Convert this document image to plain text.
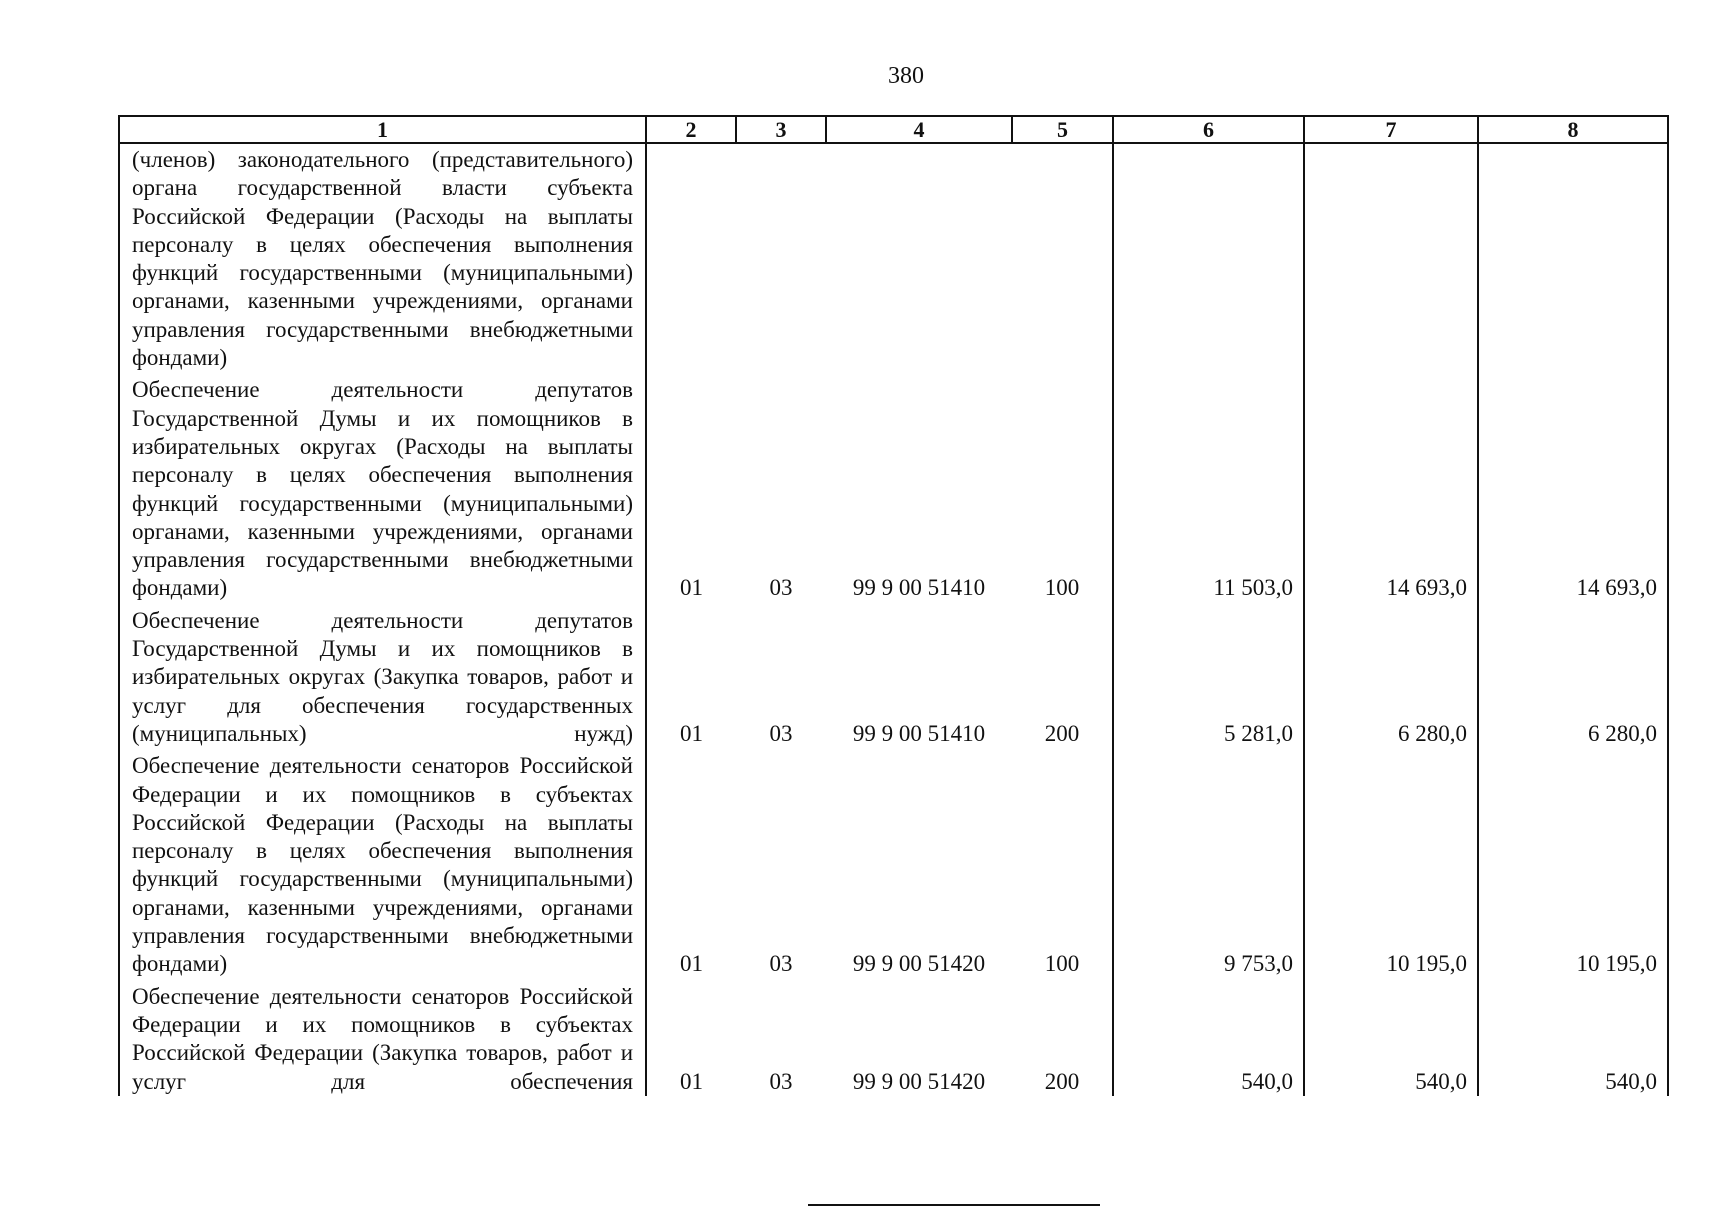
380
1	2	3	4	5	6	7	8
(членов) законодательного (представительного) органа государственной власти субъекта Российской Федерации (Расходы на выплаты персоналу в целях обеспечения выполнения функций государственными (муниципальными) органами, казенными учреждениями, органами управления государственными внебюджетными фондами)							
Обеспечение деятельности депутатов Государственной Думы и их помощников в избирательных округах (Расходы на выплаты персоналу в целях обеспечения выполнения функций государственными (муниципальными) органами, казенными учреждениями, органами управления государственными внебюджетными фондами)	01	03	99 9 00 51410	100	11 503,0	14 693,0	14 693,0
Обеспечение деятельности депутатов Государственной Думы и их помощников в избирательных округах (Закупка товаров, работ и услуг для обеспечения государственных (муниципальных) нужд)	01	03	99 9 00 51410	200	5 281,0	6 280,0	6 280,0
Обеспечение деятельности сенаторов Российской Федерации и их помощников в субъектах Российской Федерации (Расходы на выплаты персоналу в целях обеспечения выполнения функций государственными (муниципальными) органами, казенными учреждениями, органами управления государственными внебюджетными фондами)	01	03	99 9 00 51420	100	9 753,0	10 195,0	10 195,0
Обеспечение деятельности сенаторов Российской Федерации и их помощников в субъектах Российской Федерации (Закупка товаров, работ и услуг для обеспечения	01	03	99 9 00 51420	200	540,0	540,0	540,0
